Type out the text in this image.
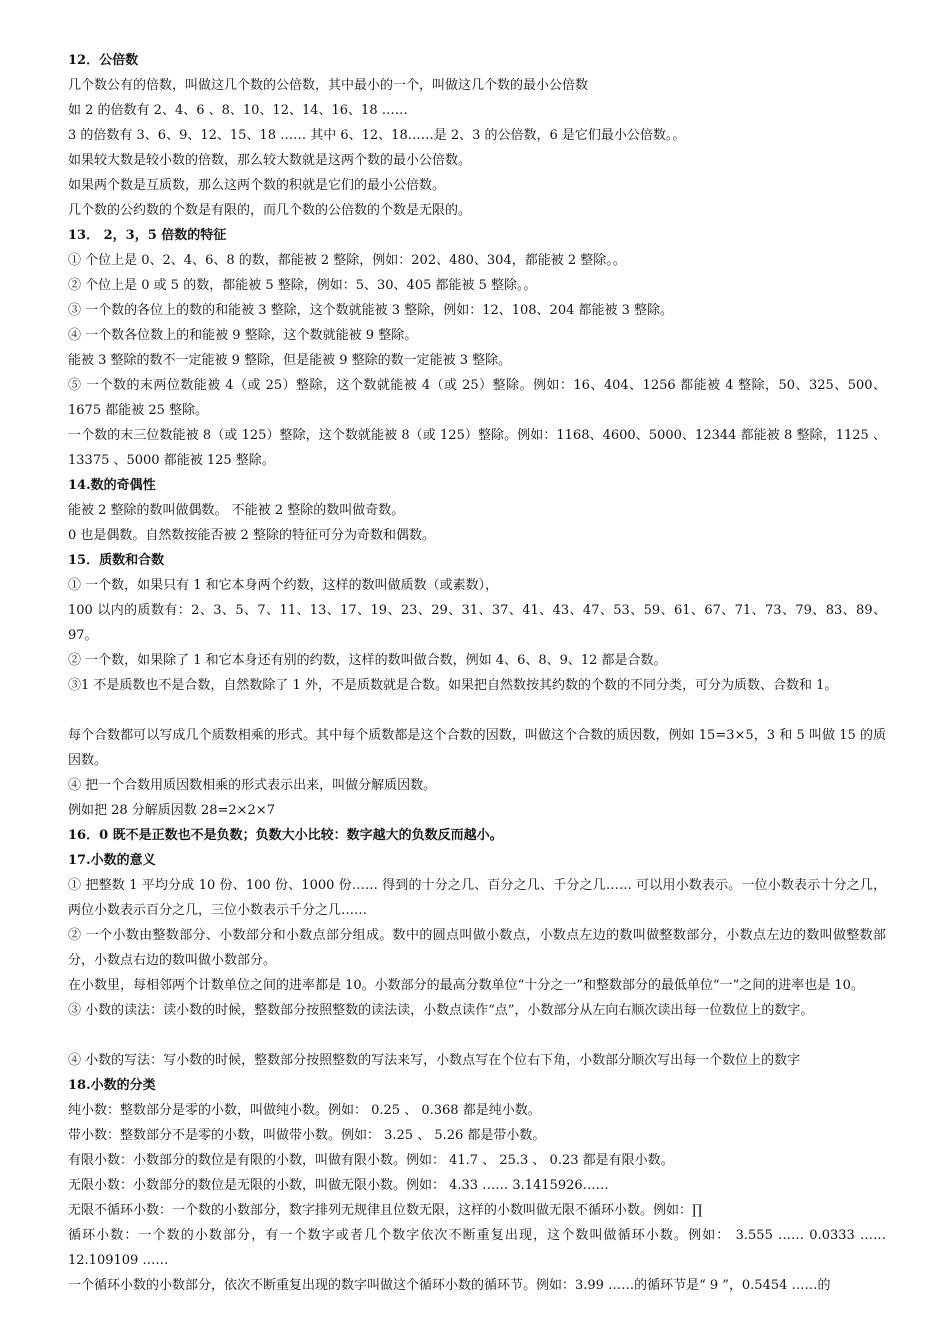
12．公倍数

几个数公有的倍数，叫做这几个数的公倍数，其中最小的一个，叫做这几个数的最小公倍数

如 2 的倍数有 2、4、6 、8、10、12、14、16、18 ……

3 的倍数有 3、6、9、12、15、18 …… 其中 6、12、18……是 2、3 的公倍数，6 是它们最小公倍数。。

如果较大数是较小数的倍数，那么较大数就是这两个数的最小公倍数。

如果两个数是互质数，那么这两个数的积就是它们的最小公倍数。

几个数的公约数的个数是有限的，而几个数的公倍数的个数是无限的。

13． 2，3，5 倍数的特征

① 个位上是 0、2、4、6、8 的数，都能被 2 整除，例如：202、480、304，都能被 2 整除。。

② 个位上是 0 或 5 的数，都能被 5 整除，例如：5、30、405 都能被 5 整除。。

③ 一个数的各位上的数的和能被 3 整除，这个数就能被 3 整除，例如：12、108、204 都能被 3 整除。

④ 一个数各位数上的和能被 9 整除，这个数就能被 9 整除。

能被 3 整除的数不一定能被 9 整除，但是能被 9 整除的数一定能被 3 整除。

⑤ 一个数的末两位数能被 4（或 25）整除，这个数就能被 4（或 25）整除。例如：16、404、1256 都能被 4 整除，50、325、500、1675 都能被 25 整除。

一个数的末三位数能被 8（或 125）整除，这个数就能被 8（或 125）整除。例如：1168、4600、5000、12344 都能被 8 整除，1125 、13375 、5000 都能被 125 整除。

14.数的奇偶性

能被 2 整除的数叫做偶数。 不能被 2 整除的数叫做奇数。

0 也是偶数。自然数按能否被 2 整除的特征可分为奇数和偶数。

15．质数和合数

① 一个数，如果只有 1 和它本身两个约数，这样的数叫做质数（或素数），

100 以内的质数有：2、3、5、7、11、13、17、19、23、29、31、37、41、43、47、53、59、61、67、71、73、79、83、89、97。

② 一个数，如果除了 1 和它本身还有别的约数，这样的数叫做合数，例如 4、6、8、9、12 都是合数。

③1 不是质数也不是合数，自然数除了 1 外，不是质数就是合数。如果把自然数按其约数的个数的不同分类，可分为质数、合数和 1。

每个合数都可以写成几个质数相乘的形式。其中每个质数都是这个合数的因数，叫做这个合数的质因数，例如 15=3×5，3 和 5 叫做 15 的质因数。

④ 把一个合数用质因数相乘的形式表示出来，叫做分解质因数。

例如把 28 分解质因数 28=2×2×7

16．0 既不是正数也不是负数；负数大小比较：数字越大的负数反而越小。

17.小数的意义

① 把整数 1 平均分成 10 份、100 份、1000 份…… 得到的十分之几、百分之几、千分之几…… 可以用小数表示。一位小数表示十分之几，两位小数表示百分之几，三位小数表示千分之几……

② 一个小数由整数部分、小数部分和小数点部分组成。数中的圆点叫做小数点，小数点左边的数叫做整数部分，小数点左边的数叫做整数部分，小数点右边的数叫做小数部分。

在小数里，每相邻两个计数单位之间的进率都是 10。小数部分的最高分数单位“十分之一”和整数部分的最低单位“一”之间的进率也是 10。

③ 小数的读法：读小数的时候，整数部分按照整数的读法读，小数点读作“点”，小数部分从左向右顺次读出每一位数位上的数字。

④ 小数的写法：写小数的时候，整数部分按照整数的写法来写，小数点写在个位右下角，小数部分顺次写出每一个数位上的数字

18.小数的分类

纯小数：整数部分是零的小数，叫做纯小数。例如： 0.25 、 0.368 都是纯小数。

带小数：整数部分不是零的小数，叫做带小数。例如： 3.25 、 5.26 都是带小数。

有限小数：小数部分的数位是有限的小数，叫做有限小数。例如： 41.7 、 25.3 、 0.23 都是有限小数。

无限小数：小数部分的数位是无限的小数，叫做无限小数。例如： 4.33 …… 3.1415926……

无限不循环小数：一个数的小数部分，数字排列无规律且位数无限，这样的小数叫做无限不循环小数。例如：∏

循环小数：一个数的小数部分，有一个数字或者几个数字依次不断重复出现，这个数叫做循环小数。例如： 3.555 …… 0.0333 …… 12.109109 ……

一个循环小数的小数部分，依次不断重复出现的数字叫做这个循环小数的循环节。例如：3.99 ……的循环节是“ 9 ”，0.5454 ……的
